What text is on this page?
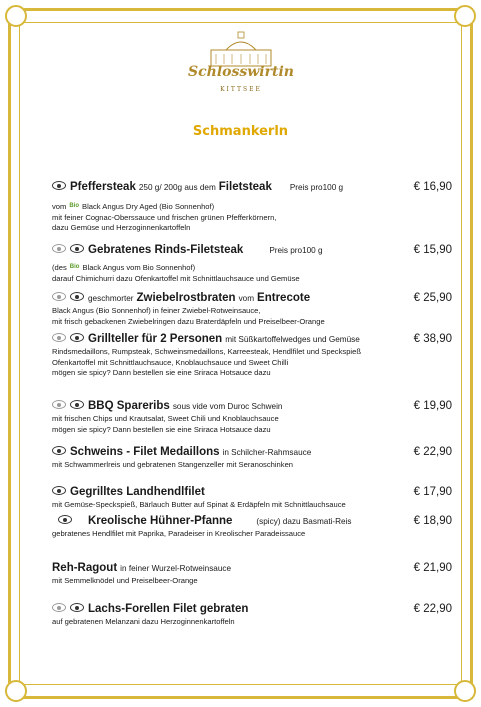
Schlosswirtin
KITTSEE
Schmankerln
Pfeffersteak 250 g/ 200g aus dem Filetsteak Preis pro100 g	€ 16,90
vom Bio Black Angus Dry Aged (Bio Sonnenhof)
mit feiner Cognac-Oberssauce und frischen grünen Pfefferkörnern,
dazu Gemüse und Herzoginnenkartoffeln
Gebratenes Rinds-Filetsteak	Preis pro100 g	€ 15,90
(des Bio Black Angus vom Bio Sonnenhof)
darauf Chimichurri dazu Ofenkartoffel mit Schnittlauchsauce und Gemüse
geschmorter Zwiebelrostbraten vom Entrecote	€ 25,90
Black Angus (Bio Sonnenhof) in feiner Zwiebel-Rotweinsauce,
mit frisch gebackenen Zwiebelringen dazu Braterdäpfeln und Preiselbeer-Orange
Grillteller für 2 Personen mit Süßkartoffelwedges und Gemüse	€ 38,90
Rindsmedaillons, Rumpsteak, Schweinsmedaillons, Karreesteak, Hendlfilet und Speckspieß
Ofenkartoffel mit Schnittlauchsauce, Knoblauchsauce und Sweet Chilli
mögen sie spicy? Dann bestellen sie eine Sriraca Hotsauce dazu
BBQ Spareribs sous vide vom Duroc Schwein	€ 19,90
mit frischen Chips und Krautsalat, Sweet Chili und Knoblauchsauce
mögen sie spicy? Dann bestellen sie eine Sriraca Hotsauce dazu
Schweins - Filet Medaillons in Schilcher-Rahmsauce	€ 22,90
mit Schwammerlreis und gebratenen Stangenzeller mit Seranoschinken
Gegrilltes Landhendlfilet	€ 17,90
mit Gemüse-Speckspieß, Bärlauch Butter auf Spinat & Erdäpfeln mit Schnittlauchsauce
Kreolische Hühner-Pfanne	(spicy) dazu Basmati-Reis	€ 18,90
gebratenes Hendlfilet mit Paprika, Paradeiser in Kreolischer Paradeissauce
Reh-Ragout in feiner Wurzel-Rotweinsauce	€ 21,90
mit Semmelknödel und Preiselbeer-Orange
Lachs-Forellen Filet gebraten	€ 22,90
auf gebratenen Melanzani dazu Herzoginnenkartoffeln
